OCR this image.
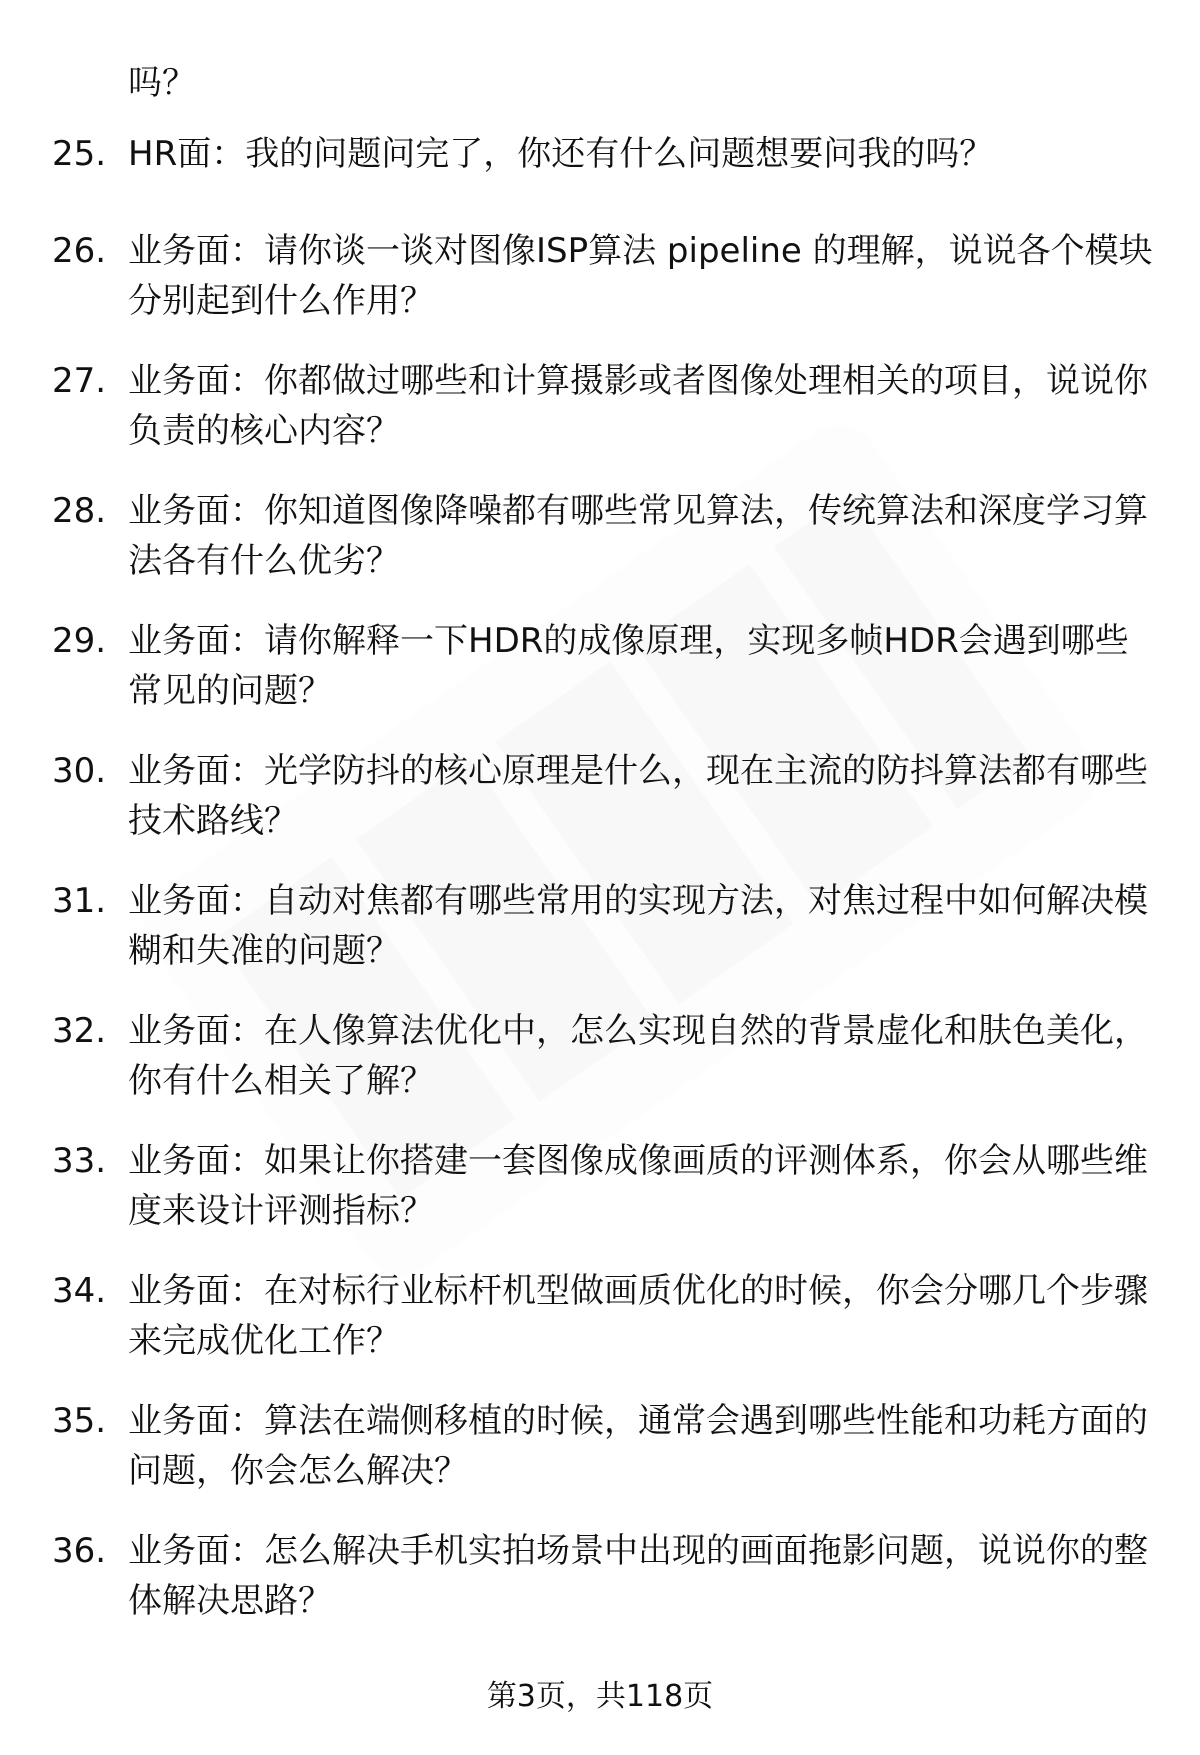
吗？
25. HR面：我的问题问完了，你还有什么问题想要问我的吗？
26. 业务面：请你谈一谈对图像ISP算法 pipeline 的理解，说说各个模块分别起到什么作用？
27. 业务面：你都做过哪些和计算摄影或者图像处理相关的项目，说说你负责的核心内容？
28. 业务面：你知道图像降噪都有哪些常见算法，传统算法和深度学习算法各有什么优劣？
29. 业务面：请你解释一下HDR的成像原理，实现多帧HDR会遇到哪些常见的问题？
30. 业务面：光学防抖的核心原理是什么，现在主流的防抖算法都有哪些技术路线？
31. 业务面：自动对焦都有哪些常用的实现方法，对焦过程中如何解决模糊和失准的问题？
32. 业务面：在人像算法优化中，怎么实现自然的背景虚化和肤色美化，你有什么相关了解？
33. 业务面：如果让你搭建一套图像成像画质的评测体系，你会从哪些维度来设计评测指标？
34. 业务面：在对标行业标杆机型做画质优化的时候，你会分哪几个步骤来完成优化工作？
35. 业务面：算法在端侧移植的时候，通常会遇到哪些性能和功耗方面的问题，你会怎么解决？
36. 业务面：怎么解决手机实拍场景中出现的画面拖影问题，说说你的整体解决思路？
第3页，共118页
